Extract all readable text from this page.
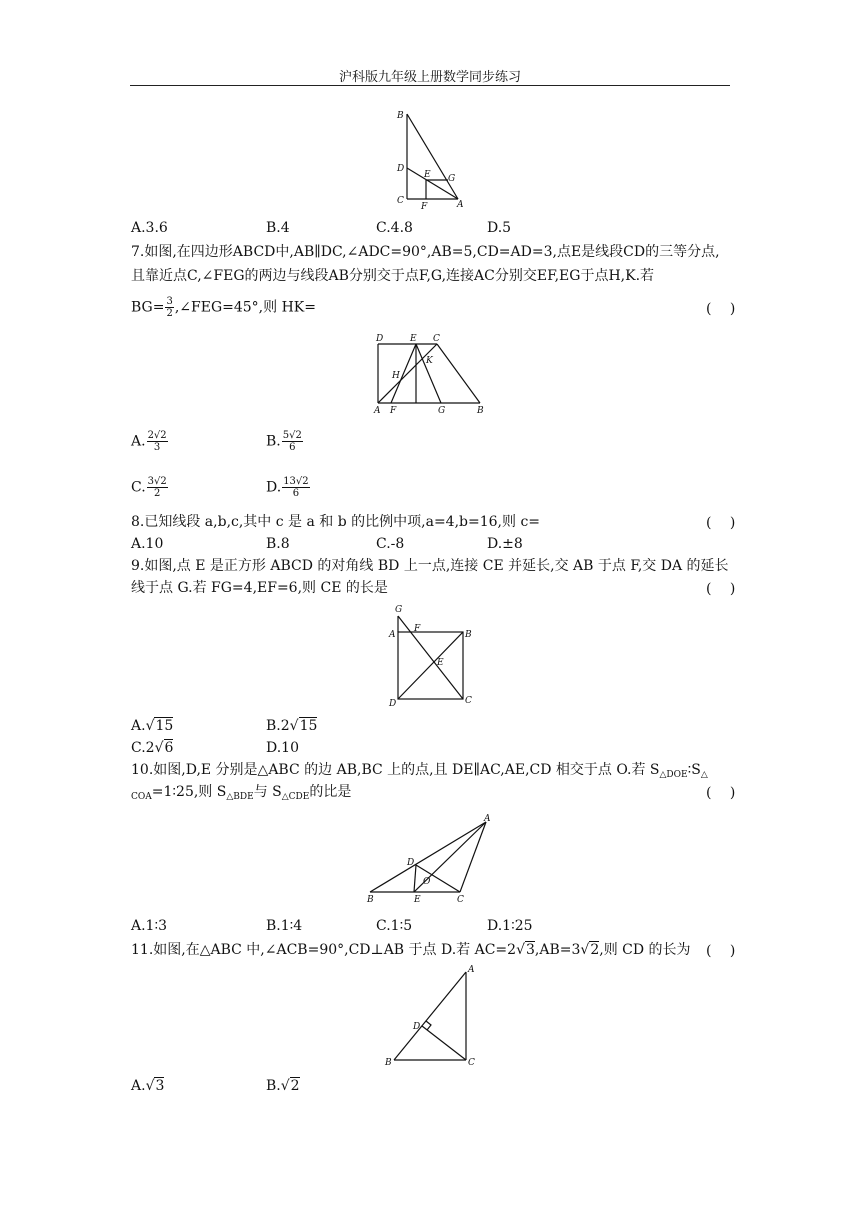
沪科版九年级上册数学同步练习
B
D
E G
C
F	A
A.3.6	B.4	C.4.8	D.5
7.如图,在四边形ABCD中,AB∥DC,∠ADC=90°,AB=5,CD=AD=3,点E是线段CD的三等分点,
且靠近点C,∠FEG的两边与线段AB分别交于点F,G,连接AC分别交EF,EG于点H,K.若
$BG= \frac{3}{2}$ ,∠FEG=45°,则 HK=	(　 )
D	E C
H
K
A F	G	B
A. $\frac{2√2}{3}$	B. $\frac{5√2}{6}$
C. $\frac{3√2}{2}$	D. $\frac{13√2}{6}$
8.已知线段 a,b,c,其中 c 是 a 和 b 的比例中项,a=4,b=16,则 c=	(　 )
A.10	B.8	C.-8	D.±8
9.如图,点 E 是正方形 ABCD 的对角线 BD 上一点,连接 CE 并延长,交 AB 于点 F,交 DA 的延长
线于点 G.若 FG=4,EF=6,则 CE 的长是	(　 )
G
A
F
B
E
D	C
A.√15	B.2√15
C.2√6	D.10
10.如图,D,E 分别是△ABC 的边 AB,BC 上的点,且 DE∥AC,AE,CD 相交于点 O.若 $S_{\triangle DOE}∶S_\triangle$
$_{COA}$=1∶25,则 $S_{\triangle BDE}$与 $S_{\triangle CDE}$的比是	(　 )
A
D
O
B	E	C
A.1∶3	B.1∶4	C.1∶5	D.1∶25
11.如图,在△ABC 中,∠ACB=90°,CD⊥AB 于点 D.若 AC=2√3,AB=3√2,则 CD 的长为 (　 )
A
D
B	C
A.√3	B.√2
